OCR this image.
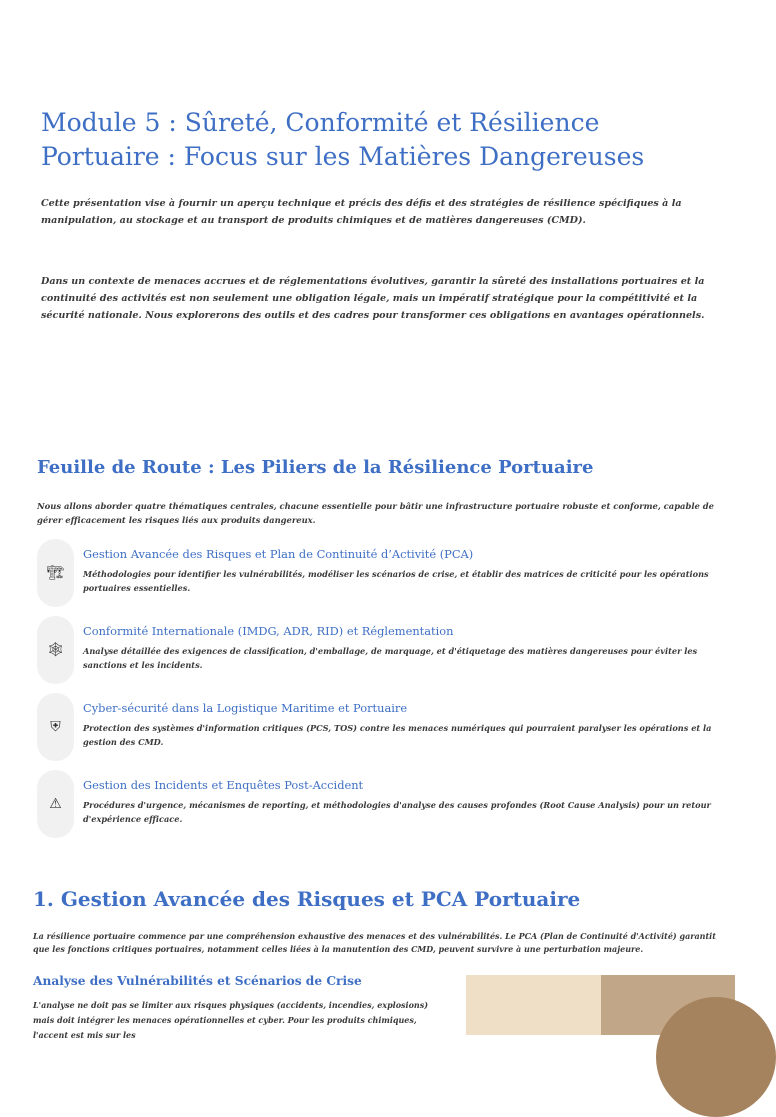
Module 5 : Sûreté, Conformité et Résilience Portuaire : Focus sur les Matières Dangereuses

Cette présentation vise à fournir un aperçu technique et précis des défis et des stratégies de résilience spécifiques à la manipulation, au stockage et au transport de produits chimiques et de matières dangereuses (CMD).

Dans un contexte de menaces accrues et de réglementations évolutives, garantir la sûreté des installations portuaires et la continuité des activités est non seulement une obligation légale, mais un impératif stratégique pour la compétitivité et la sécurité nationale. Nous explorerons des outils et des cadres pour transformer ces obligations en avantages opérationnels.

Feuille de Route : Les Piliers de la Résilience Portuaire

Nous allons aborder quatre thématiques centrales, chacune essentielle pour bâtir une infrastructure portuaire robuste et conforme, capable de gérer efficacement les risques liés aux produits dangereux.

🏗
Gestion Avancée des Risques et Plan de Continuité d’Activité (PCA)
Méthodologies pour identifier les vulnérabilités, modéliser les scénarios de crise, et établir des matrices de criticité pour les opérations portuaires essentielles.
🕸
Conformité Internationale (IMDG, ADR, RID) et Réglementation
Analyse détaillée des exigences de classification, d'emballage, de marquage, et d'étiquetage des matières dangereuses pour éviter les sanctions et les incidents.
⛨
Cyber-sécurité dans la Logistique Maritime et Portuaire
Protection des systèmes d'information critiques (PCS, TOS) contre les menaces numériques qui pourraient paralyser les opérations et la gestion des CMD.
⚠
Gestion des Incidents et Enquêtes Post-Accident
Procédures d'urgence, mécanismes de reporting, et méthodologies d'analyse des causes profondes (Root Cause Analysis) pour un retour d'expérience efficace.
1. Gestion Avancée des Risques et PCA Portuaire

La résilience portuaire commence par une compréhension exhaustive des menaces et des vulnérabilités. Le PCA (Plan de Continuité d'Activité) garantit que les fonctions critiques portuaires, notamment celles liées à la manutention des CMD, peuvent survivre à une perturbation majeure.

Analyse des Vulnérabilités et Scénarios de Crise

L'analyse ne doit pas se limiter aux risques physiques (accidents, incendies, explosions) mais doit intégrer les menaces opérationnelles et cyber. Pour les produits chimiques, l'accent est mis sur les
